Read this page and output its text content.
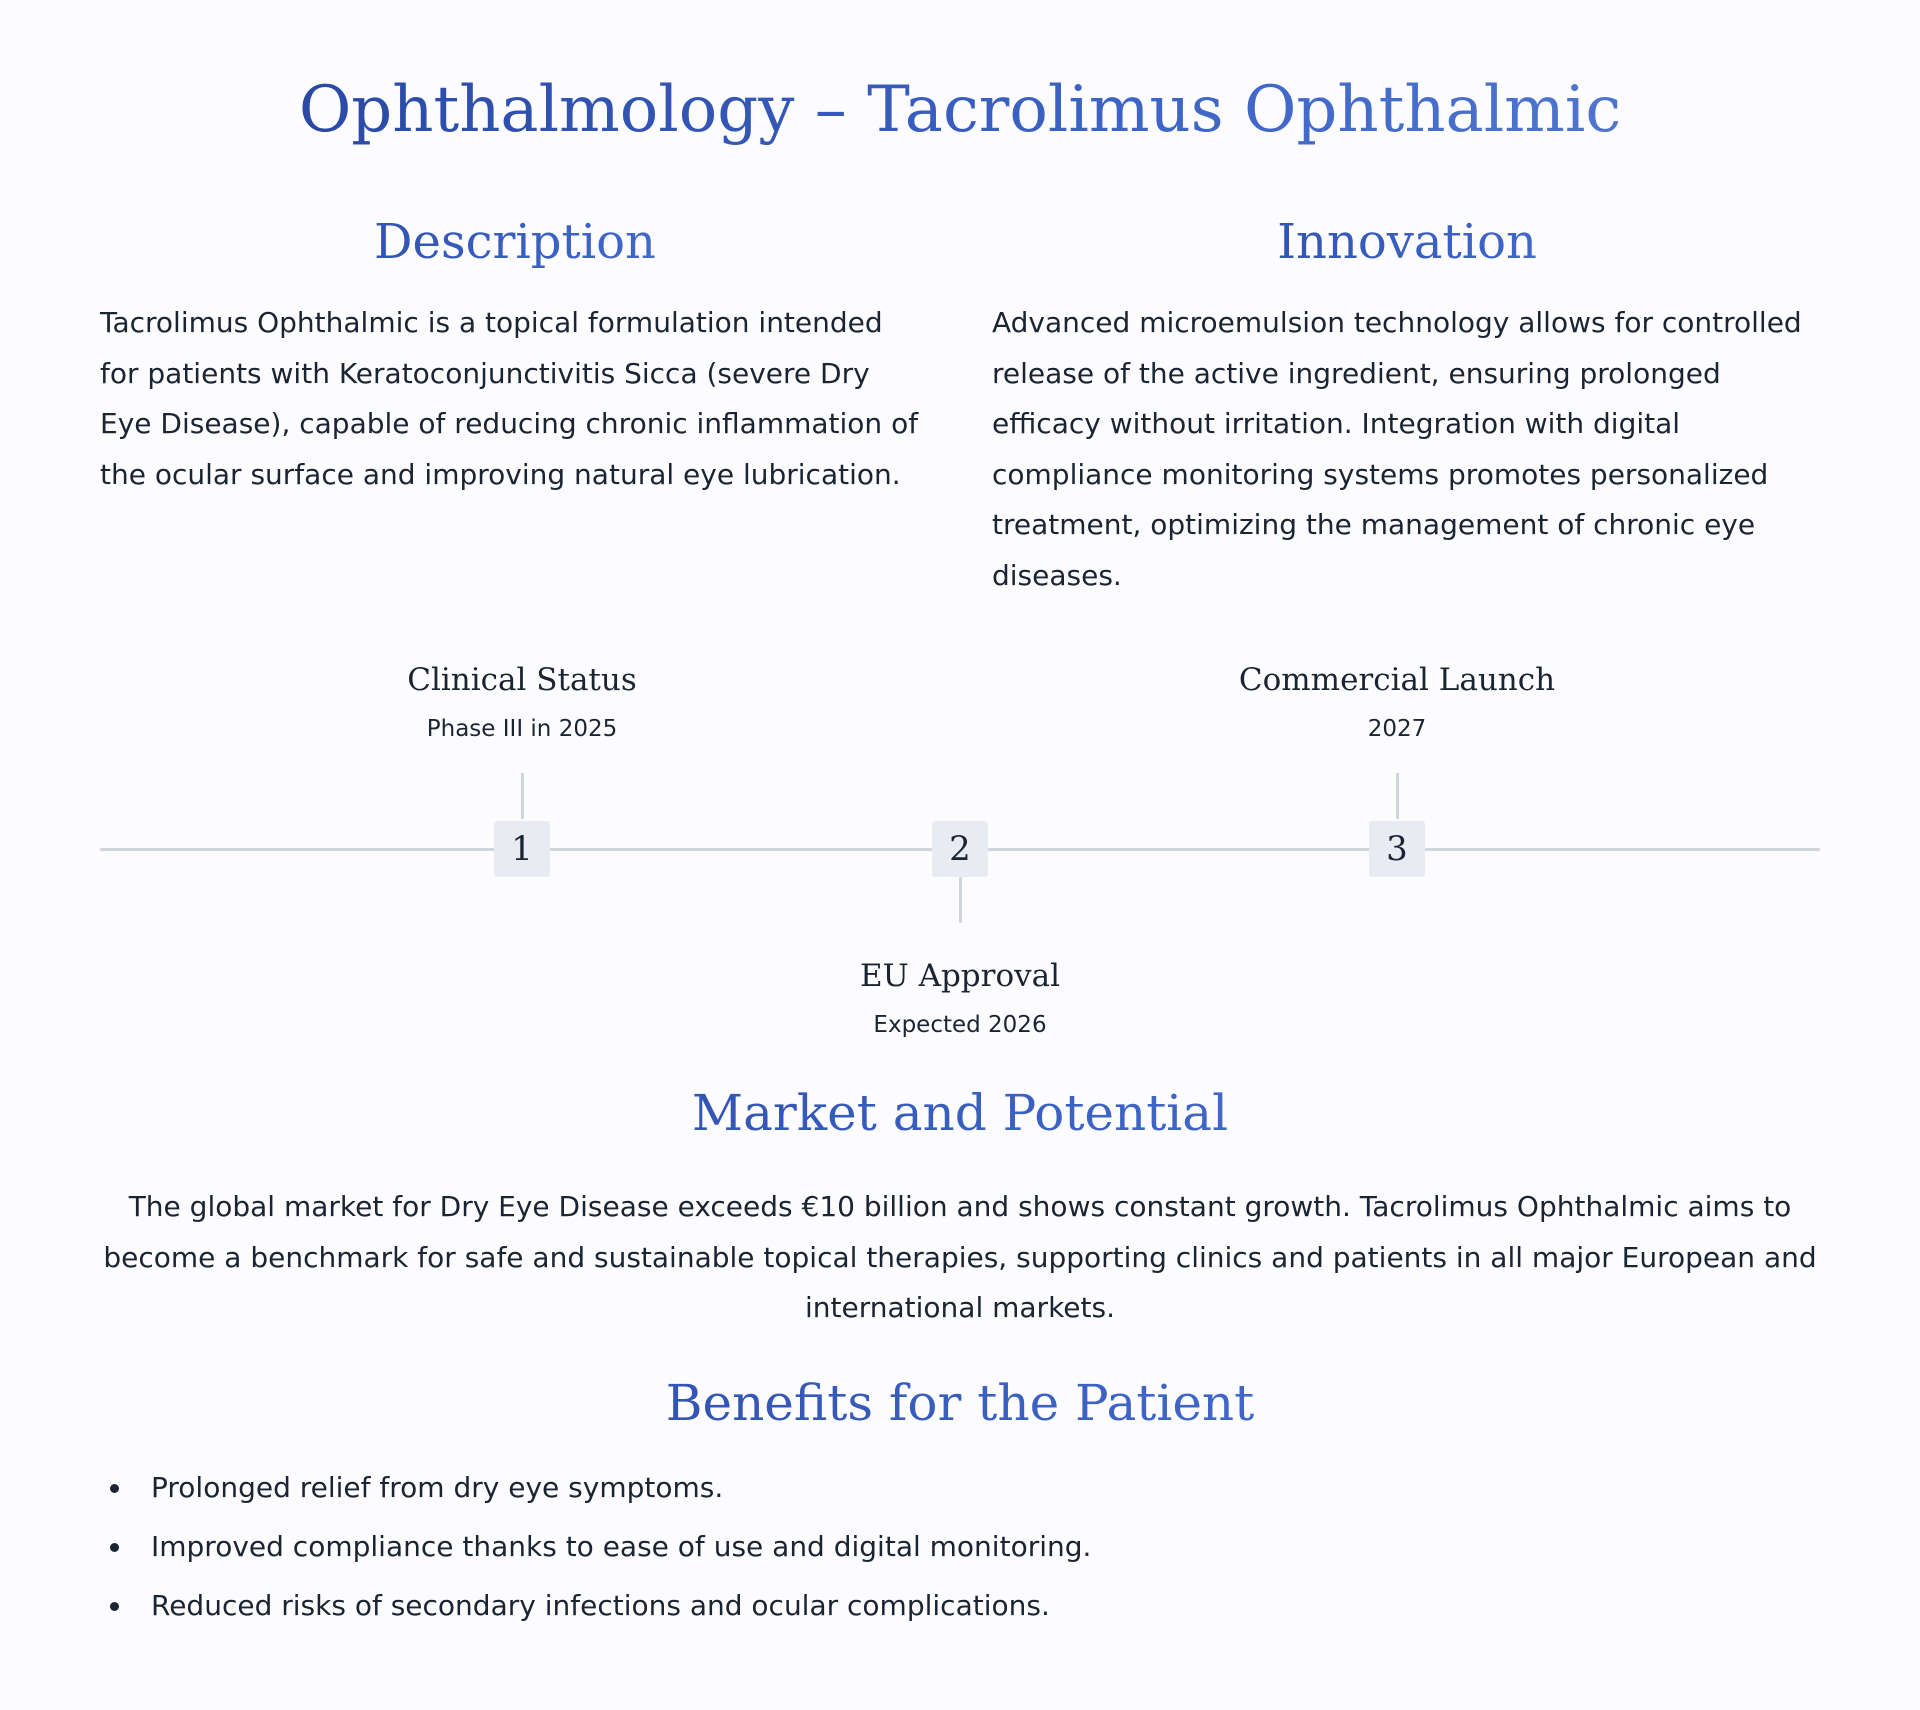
Ophthalmology – Tacrolimus Ophthalmic
Description

Tacrolimus Ophthalmic is a topical formulation intended for patients with Keratoconjunctivitis Sicca (severe Dry Eye Disease), capable of reducing chronic inflammation of the ocular surface and improving natural eye lubrication.

Innovation

Advanced microemulsion technology allows for controlled release of the active ingredient, ensuring prolonged efficacy without irritation. Integration with digital compliance monitoring systems promotes personalized treatment, optimizing the management of chronic eye diseases.

Clinical Status
Phase III in 2025
1	2
EU Approval
Expected 2026
Commercial Launch
2027
3
Market and Potential

The global market for Dry Eye Disease exceeds €10 billion and shows constant growth. Tacrolimus Ophthalmic aims to become a benchmark for safe and sustainable topical therapies, supporting clinics and patients in all major European and international markets.

Benefits for the Patient
Prolonged relief from dry eye symptoms.
Improved compliance thanks to ease of use and digital monitoring.
Reduced risks of secondary infections and ocular complications.
